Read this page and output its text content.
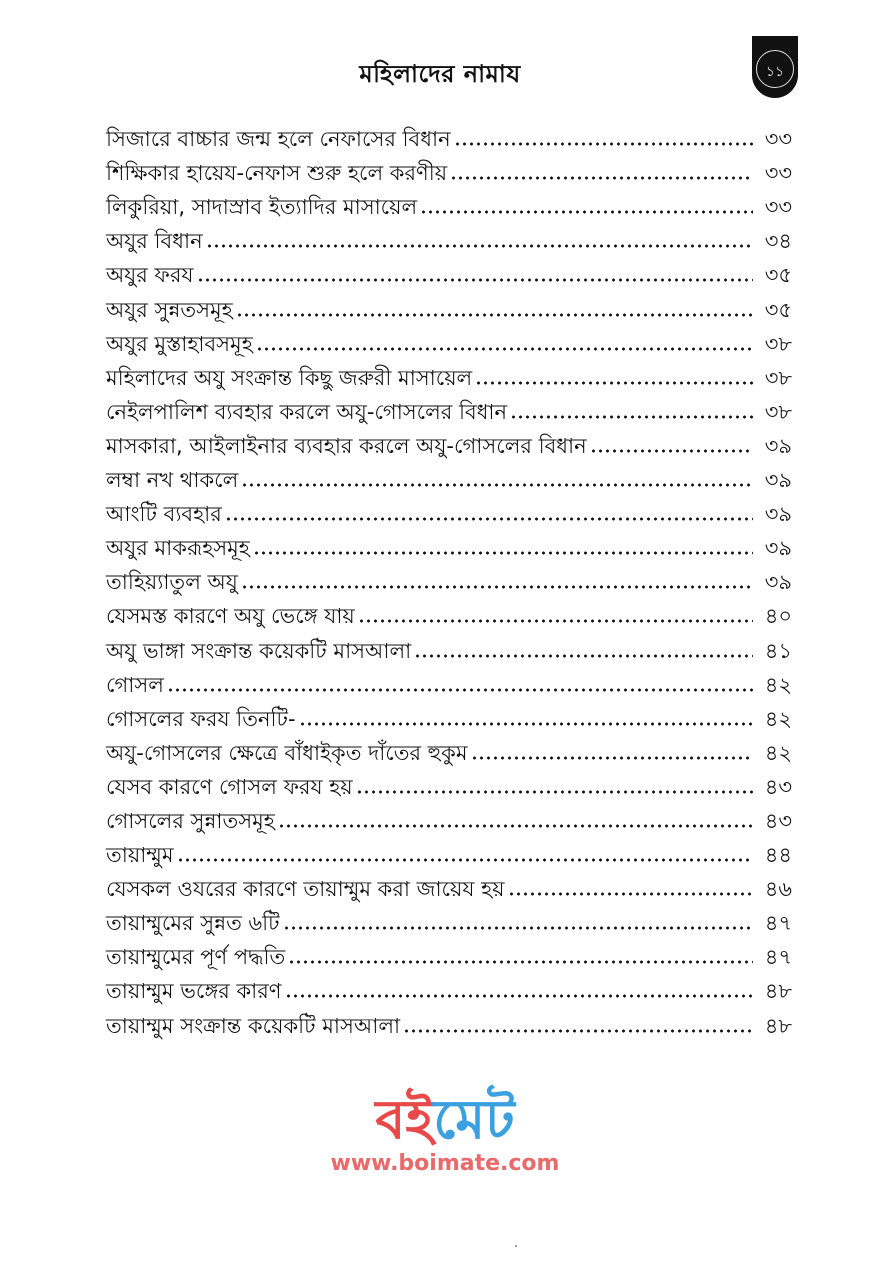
মহিলাদের নামায	১১
সিজারে বাচ্চার জন্ম হলে নেফাসের বিধান	৩৩
শিক্ষিকার হায়েয-নেফাস শুরু হলে করণীয়	৩৩
লিকুরিয়া, সাদাস্রাব ইত্যাদির মাসায়েল	৩৩
অযুর বিধান	৩৪
অযুর ফরয	৩৫
অযুর সুন্নতসমূহ	৩৫
অযুর মুস্তাহাবসমূহ	৩৮
মহিলাদের অযু সংক্রান্ত কিছু জরুরী মাসায়েল	৩৮
নেইলপালিশ ব্যবহার করলে অযু-গোসলের বিধান	৩৮
মাসকারা, আইলাইনার ব্যবহার করলে অযু-গোসলের বিধান	৩৯
লম্বা নখ থাকলে	৩৯
আংটি ব্যবহার	৩৯
অযুর মাকরূহসমূহ	৩৯
তাহিয়্যাতুল অযু	৩৯
যেসমস্ত কারণে অযু ভেঙ্গে যায়	৪০
অযু ভাঙ্গা সংক্রান্ত কয়েকটি মাসআলা	৪১
গোসল	৪২
গোসলের ফরয তিনটি-	৪২
অযু-গোসলের ক্ষেত্রে বাঁধাইকৃত দাঁতের হুকুম	৪২
যেসব কারণে গোসল ফরয হয়	৪৩
গোসলের সুন্নাতসমূহ	৪৩
তায়াম্মুম	৪৪
যেসকল ওযরের কারণে তায়াম্মুম করা জায়েয হয়	৪৬
তায়াম্মুমের সুন্নত ৬টি	৪৭
তায়াম্মুমের পূর্ণ পদ্ধতি	৪৭
তায়াম্মুম ভঙ্গের কারণ	৪৮
তায়াম্মুম সংক্রান্ত কয়েকটি মাসআলা	৪৮
বইমেট
www.boimate.com
